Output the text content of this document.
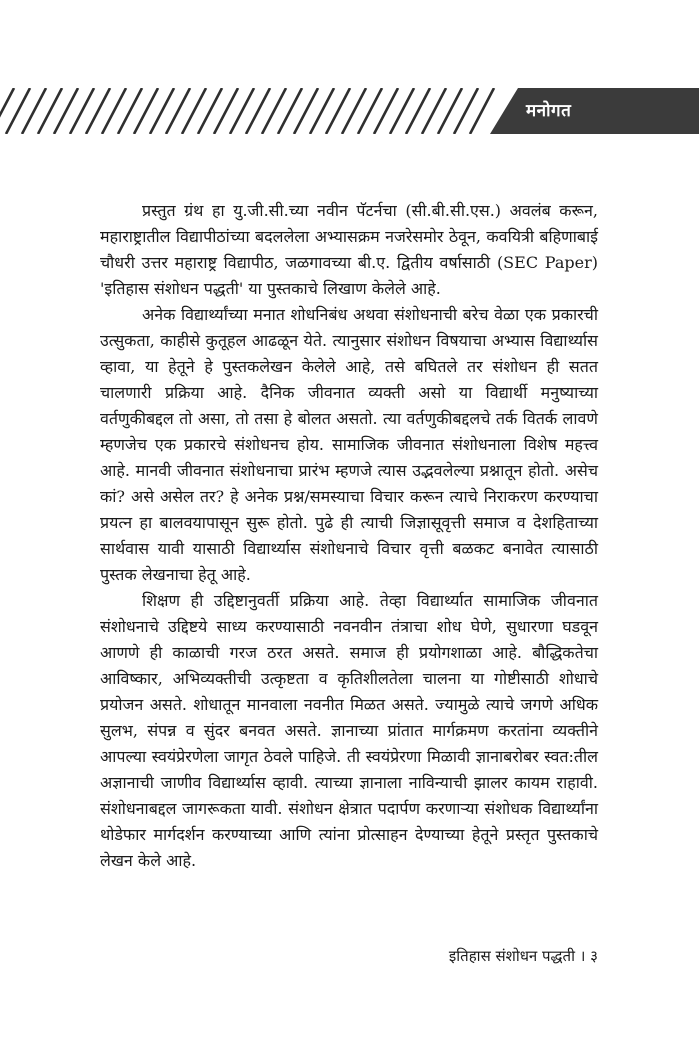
मनोगत

प्रस्तुत ग्रंथ हा यु.जी.सी.च्या नवीन पॅटर्नचा (सी.बी.सी.एस.) अवलंब करून, महाराष्ट्रातील विद्यापीठांच्या बदललेला अभ्यासक्रम नजरेसमोर ठेवून, कवयित्री बहिणाबाई चौधरी उत्तर महाराष्ट्र विद्यापीठ, जळगावच्या बी.ए. द्वितीय वर्षासाठी (SEC Paper) 'इतिहास संशोधन पद्धती' या पुस्तकाचे लिखाण केलेले आहे.

अनेक विद्यार्थ्यांच्या मनात शोधनिबंध अथवा संशोधनाची बरेच वेळा एक प्रकारची उत्सुकता, काहीसे कुतूहल आढळून येते. त्यानुसार संशोधन विषयाचा अभ्यास विद्यार्थ्यास व्हावा, या हेतूने हे पुस्तकलेखन केलेले आहे, तसे बघितले तर संशोधन ही सतत चालणारी प्रक्रिया आहे. दैनिक जीवनात व्यक्ती असो या विद्यार्थी मनुष्याच्या वर्तणुकीबद्दल तो असा, तो तसा हे बोलत असतो. त्या वर्तणुकीबद्दलचे तर्क वितर्क लावणे म्हणजेच एक प्रकारचे संशोधनच होय. सामाजिक जीवनात संशोधनाला विशेष महत्त्व आहे. मानवी जीवनात संशोधनाचा प्रारंभ म्हणजे त्यास उद्भवलेल्या प्रश्नातून होतो. असेच कां? असे असेल तर? हे अनेक प्रश्न/समस्याचा विचार करून त्याचे निराकरण करण्याचा प्रयत्न हा बालवयापासून सुरू होतो. पुढे ही त्याची जिज्ञासूवृत्ती समाज व देशहिताच्या सार्थवास यावी यासाठी विद्यार्थ्यास संशोधनाचे विचार वृत्ती बळकट बनावेत त्यासाठी पुस्तक लेखनाचा हेतू आहे.

शिक्षण ही उद्दिष्टानुवर्ती प्रक्रिया आहे. तेव्हा विद्यार्थ्यात सामाजिक जीवनात संशोधनाचे उद्दिष्टये साध्य करण्यासाठी नवनवीन तंत्राचा शोध घेणे, सुधारणा घडवून आणणे ही काळाची गरज ठरत असते. समाज ही प्रयोगशाळा आहे. बौद्धिकतेचा आविष्कार, अभिव्यक्तीची उत्कृष्टता व कृतिशीलतेला चालना या गोष्टीसाठी शोधाचे प्रयोजन असते. शोधातून मानवाला नवनीत मिळत असते. ज्यामुळे त्याचे जगणे अधिक सुलभ, संपन्न व सुंदर बनवत असते. ज्ञानाच्या प्रांतात मार्गक्रमण करतांना व्यक्तीने आपल्या स्वयंप्रेरणेला जागृत ठेवले पाहिजे. ती स्वयंप्रेरणा मिळावी ज्ञानाबरोबर स्वत:तील अज्ञानाची जाणीव विद्यार्थ्यास व्हावी. त्याच्या ज्ञानाला नाविन्याची झालर कायम राहावी. संशोधनाबद्दल जागरूकता यावी. संशोधन क्षेत्रात पदार्पण करणाऱ्या संशोधक विद्यार्थ्यांना थोडेफार मार्गदर्शन करण्याच्या आणि त्यांना प्रोत्साहन देण्याच्या हेतूने प्रस्तृत पुस्तकाचे लेखन केले आहे.

इतिहास संशोधन पद्धती । ३
